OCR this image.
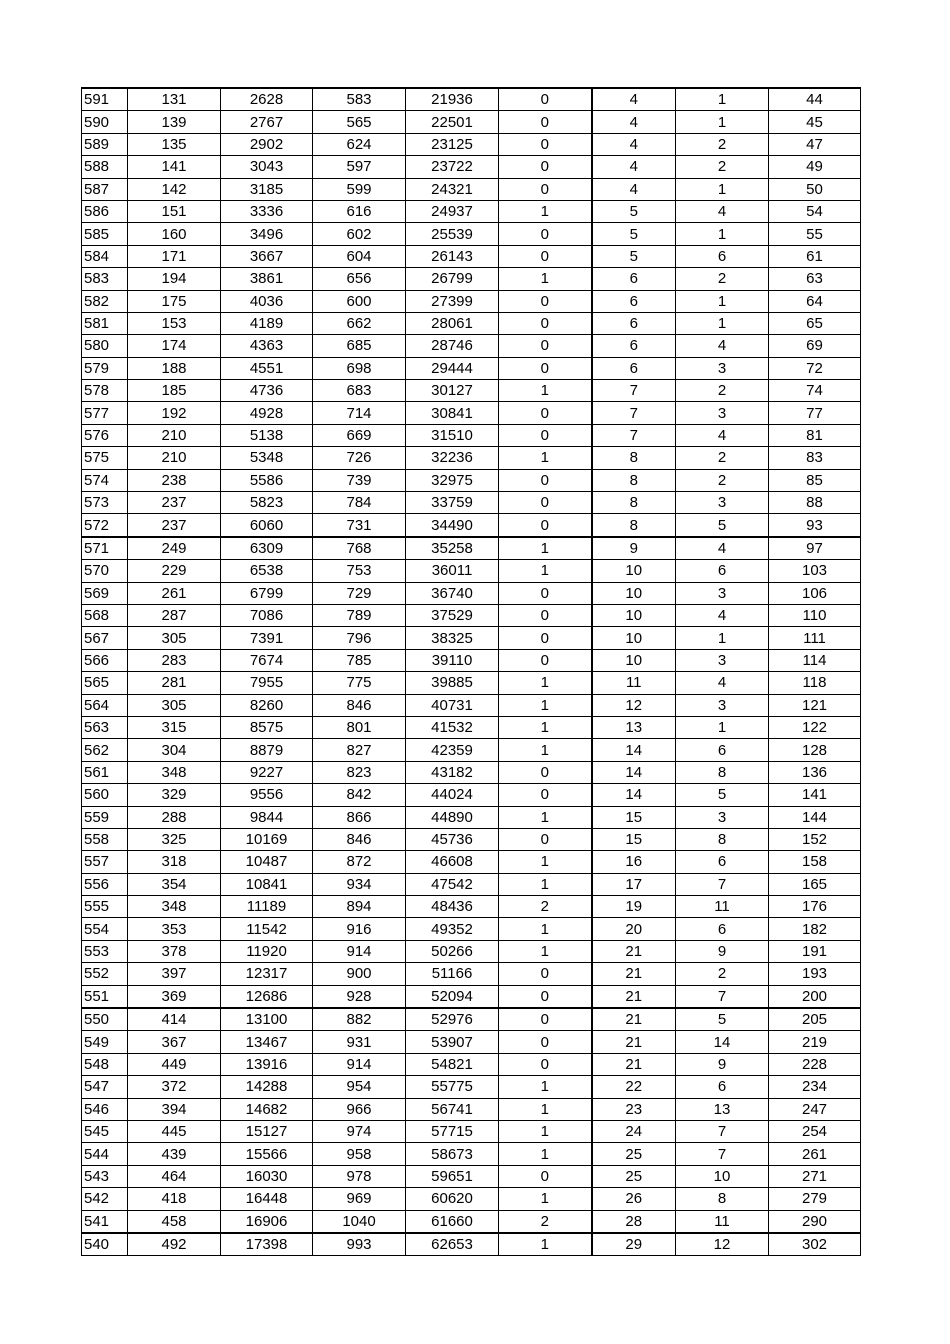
591	131	2628	583	21936	0	4	1	44
590	139	2767	565	22501	0	4	1	45
589	135	2902	624	23125	0	4	2	47
588	141	3043	597	23722	0	4	2	49
587	142	3185	599	24321	0	4	1	50
586	151	3336	616	24937	1	5	4	54
585	160	3496	602	25539	0	5	1	55
584	171	3667	604	26143	0	5	6	61
583	194	3861	656	26799	1	6	2	63
582	175	4036	600	27399	0	6	1	64
581	153	4189	662	28061	0	6	1	65
580	174	4363	685	28746	0	6	4	69
579	188	4551	698	29444	0	6	3	72
578	185	4736	683	30127	1	7	2	74
577	192	4928	714	30841	0	7	3	77
576	210	5138	669	31510	0	7	4	81
575	210	5348	726	32236	1	8	2	83
574	238	5586	739	32975	0	8	2	85
573	237	5823	784	33759	0	8	3	88
572	237	6060	731	34490	0	8	5	93
571	249	6309	768	35258	1	9	4	97
570	229	6538	753	36011	1	10	6	103
569	261	6799	729	36740	0	10	3	106
568	287	7086	789	37529	0	10	4	110
567	305	7391	796	38325	0	10	1	111
566	283	7674	785	39110	0	10	3	114
565	281	7955	775	39885	1	11	4	118
564	305	8260	846	40731	1	12	3	121
563	315	8575	801	41532	1	13	1	122
562	304	8879	827	42359	1	14	6	128
561	348	9227	823	43182	0	14	8	136
560	329	9556	842	44024	0	14	5	141
559	288	9844	866	44890	1	15	3	144
558	325	10169	846	45736	0	15	8	152
557	318	10487	872	46608	1	16	6	158
556	354	10841	934	47542	1	17	7	165
555	348	11189	894	48436	2	19	11	176
554	353	11542	916	49352	1	20	6	182
553	378	11920	914	50266	1	21	9	191
552	397	12317	900	51166	0	21	2	193
551	369	12686	928	52094	0	21	7	200
550	414	13100	882	52976	0	21	5	205
549	367	13467	931	53907	0	21	14	219
548	449	13916	914	54821	0	21	9	228
547	372	14288	954	55775	1	22	6	234
546	394	14682	966	56741	1	23	13	247
545	445	15127	974	57715	1	24	7	254
544	439	15566	958	58673	1	25	7	261
543	464	16030	978	59651	0	25	10	271
542	418	16448	969	60620	1	26	8	279
541	458	16906	1040	61660	2	28	11	290
540	492	17398	993	62653	1	29	12	302
